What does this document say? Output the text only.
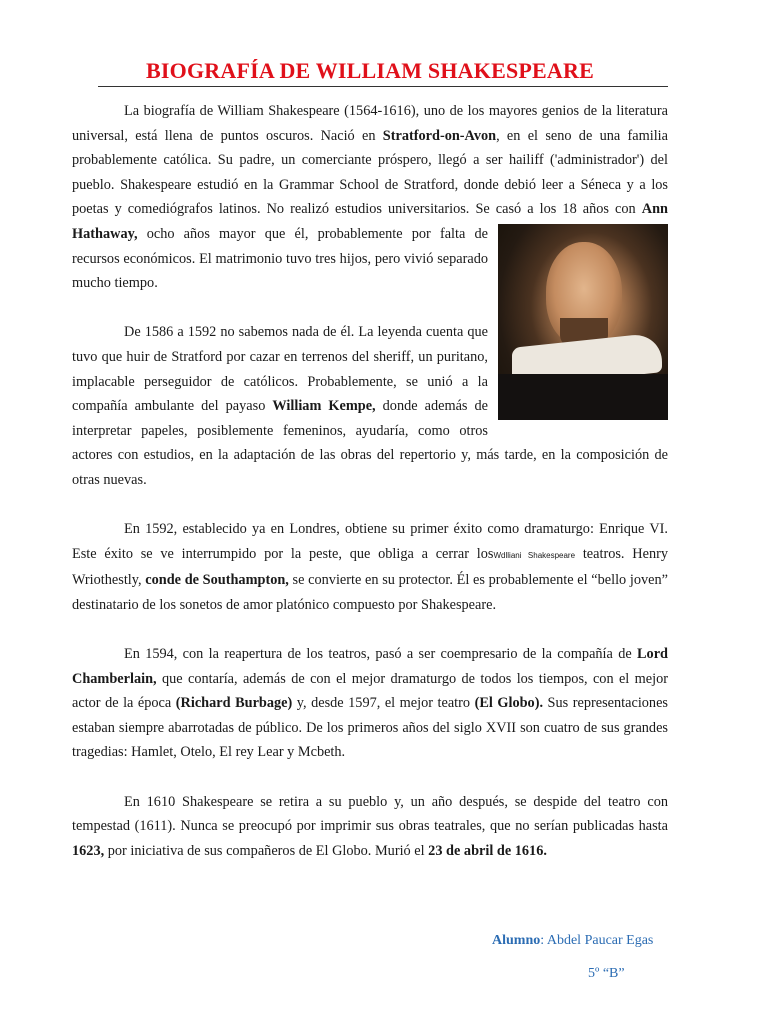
BIOGRAFÍA DE WILLIAM SHAKESPEARE

La biografía de William Shakespeare (1564-1616), uno de los mayores genios de la literatura universal, está llena de puntos oscuros. Nació en Stratford-on-Avon, en el seno de una familia probablemente católica. Su padre, un comerciante próspero, llegó a ser hailiff ('administrador') del pueblo. Shakespeare estudió en la Grammar School de Stratford, donde debió leer a Séneca y a los poetas y comediógrafos latinos. No realizó estudios universitarios. Se casó a los 18 años con Ann Hathaway,
ocho años mayor que él, probablemente por falta de recursos económicos. El matrimonio tuvo tres hijos, pero vivió separado mucho tiempo.

De 1586 a 1592 no sabemos nada de él. La leyenda cuenta que tuvo que huir de Stratford por cazar en terrenos del sheriff, un puritano, implacable perseguidor de católicos. Probablemente, se unió a la compañía ambulante del payaso William Kempe, donde además de interpretar papeles, posiblemente femeninos, ayudaría, como otros actores con estudios, en la adaptación de las obras del repertorio y, más tarde, en la composición de otras nuevas.

En 1592, establecido ya en Londres, obtiene su primer éxito como dramaturgo: Enrique VI. Este éxito se ve interrumpido por la peste, que obliga a cerrar losWdlliani Shakespeare teatros. Henry Wriothestly, conde de Southampton, se convierte en su protector. Él es probablemente el “bello joven” destinatario de los sonetos de amor platónico compuesto por Shakespeare.

En 1594, con la reapertura de los teatros, pasó a ser coempresario de la compañía de Lord Chamberlain, que contaría, además de con el mejor dramaturgo de todos los tiempos, con el mejor actor de la época (Richard Burbage) y, desde 1597, el mejor teatro (El Globo). Sus representaciones estaban siempre abarrotadas de público. De los primeros años del siglo XVII son cuatro de sus grandes tragedias: Hamlet, Otelo, El rey Lear y Mcbeth.

En 1610 Shakespeare se retira a su pueblo y, un año después, se despide del teatro con tempestad (1611). Nunca se preocupó por imprimir sus obras teatrales, que no serían publicadas hasta 1623, por iniciativa de sus compañeros de El Globo. Murió el 23 de abril de 1616.

Alumno: Abdel Paucar Egas
5º “B”
